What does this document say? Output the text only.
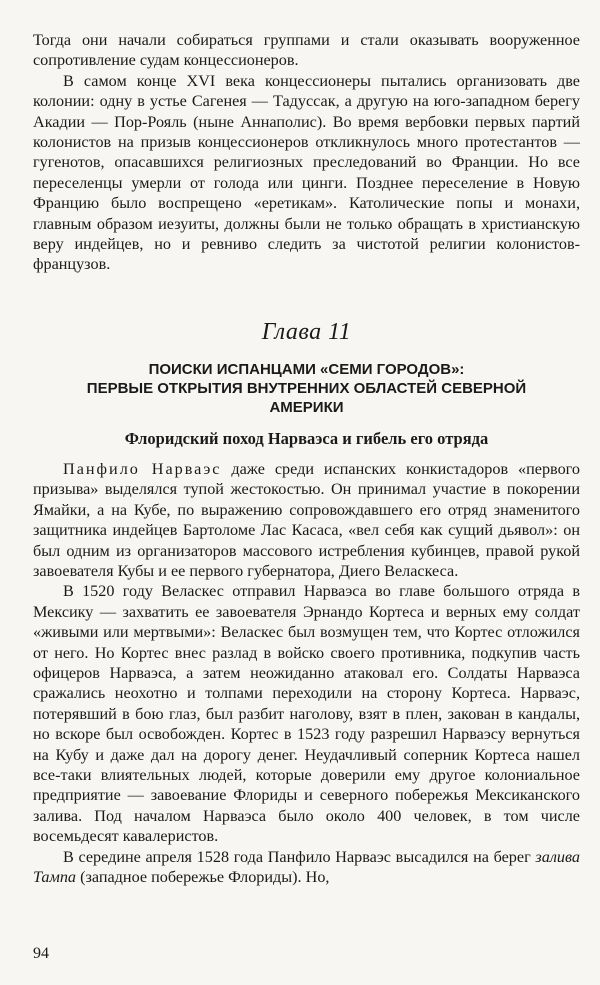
Тогда они начали собираться группами и стали оказывать вооруженное сопротивление судам концессионеров.

В самом конце XVI века концессионеры пытались организовать две колонии: одну в устье Сагенея — Тадуссак, а другую на юго-западном берегу Акадии — Пор-Рояль (ныне Аннаполис). Во время вербовки первых партий колонистов на призыв концессионеров откликнулось много протестантов — гугенотов, опасавшихся религиозных преследований во Франции. Но все переселенцы умерли от голода или цинги. Позднее переселение в Новую Францию было воспрещено «еретикам». Католические попы и монахи, главным образом иезуиты, должны были не только обращать в христианскую веру индейцев, но и ревниво следить за чистотой религии колонистов-французов.

Глава 11
ПОИСКИ ИСПАНЦАМИ «СЕМИ ГОРОДОВ»:
ПЕРВЫЕ ОТКРЫТИЯ ВНУТРЕННИХ ОБЛАСТЕЙ СЕВЕРНОЙ
АМЕРИКИ
Флоридский поход Нарваэса и гибель его отряда

Панфило Нарваэс даже среди испанских конкистадоров «первого призыва» выделялся тупой жестокостью. Он принимал участие в покорении Ямайки, а на Кубе, по выражению сопровождавшего его отряд знаменитого защитника индейцев Бартоломе Лас Касаса, «вел себя как сущий дьявол»: он был одним из организаторов массового истребления кубинцев, правой рукой завоевателя Кубы и ее первого губернатора, Диего Веласкеса.

В 1520 году Веласкес отправил Нарваэса во главе большого отряда в Мексику — захватить ее завоевателя Эрнандо Кортеса и верных ему солдат «живыми или мертвыми»: Веласкес был возмущен тем, что Кортес отложился от него. Но Кортес внес разлад в войско своего противника, подкупив часть офицеров Нарваэса, а затем неожиданно атаковал его. Солдаты Нарваэса сражались неохотно и толпами переходили на сторону Кортеса. Нарваэс, потерявший в бою глаз, был разбит наголову, взят в плен, закован в кандалы, но вскоре был освобожден. Кортес в 1523 году разрешил Нарваэсу вернуться на Кубу и даже дал на дорогу денег. Неудачливый соперник Кортеса нашел все-таки влиятельных людей, которые доверили ему другое колониальное предприятие — завоевание Флориды и северного побережья Мексиканского залива. Под началом Нарваэса было около 400 человек, в том числе восемьдесят кавалеристов.

В середине апреля 1528 года Панфило Нарваэс высадился на берег залива Тампа (западное побережье Флориды). Но,

94
